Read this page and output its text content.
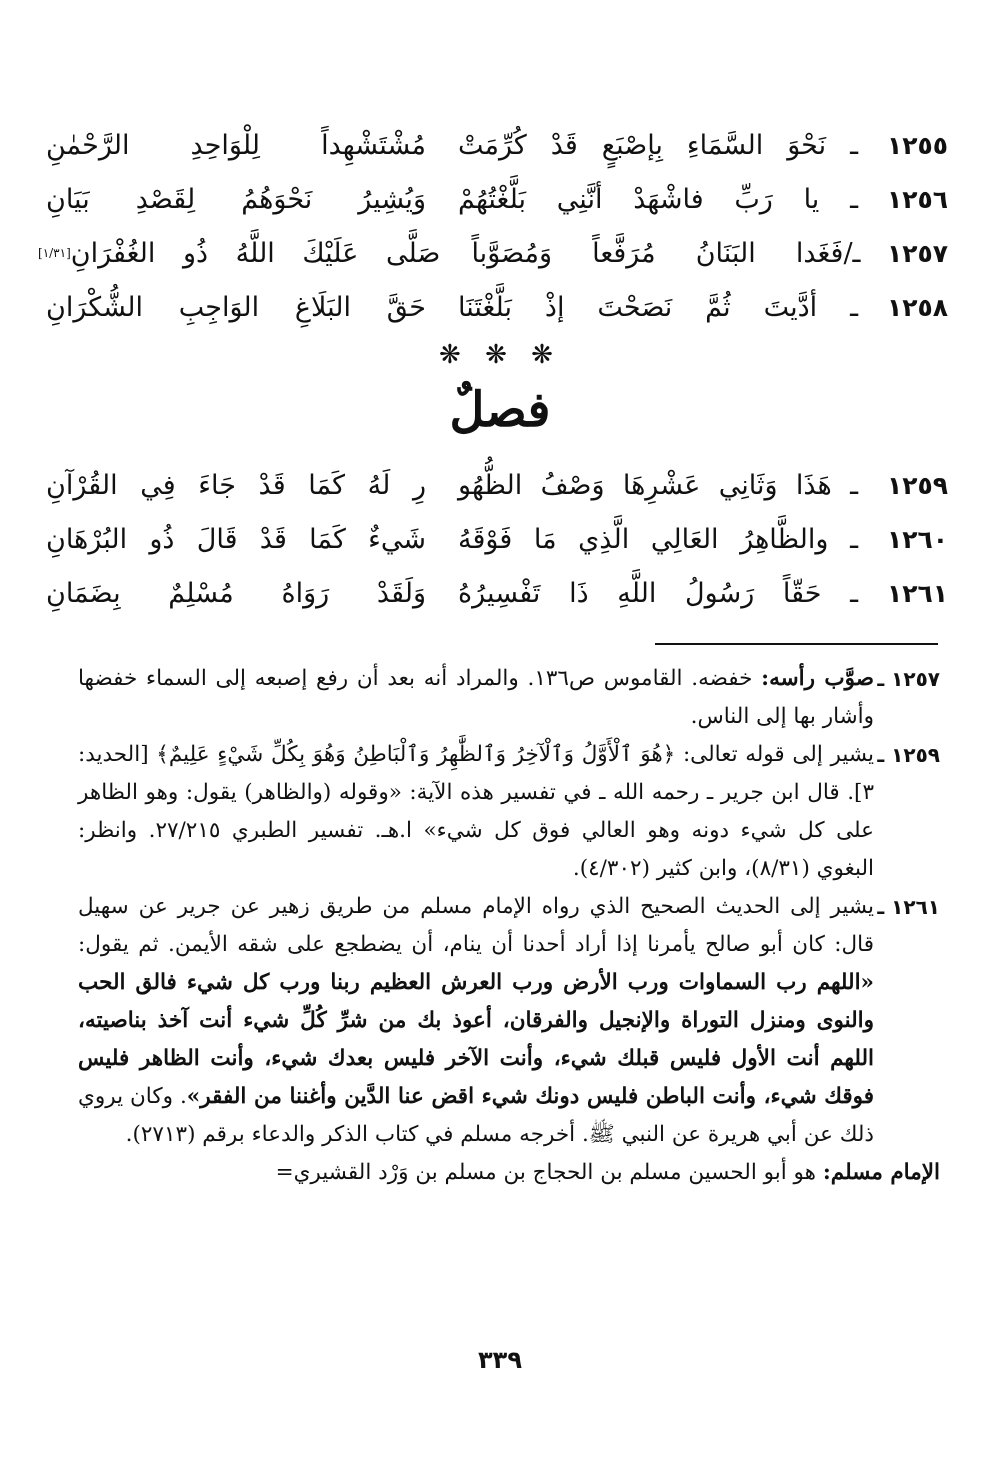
١٢٥٥
ـ نَحْوَ السَّمَاءِ بِإصْبَعٍ قَدْ كُرِّمَتْ
مُشْتَشْهِداً لِلْوَاحِدِ الرَّحْمٰنِ
١٢٥٦
ـ يا رَبِّ فاشْهَدْ أنَّنِي بَلَّغْتُهُمْ
وَيُشِيرُ نَحْوَهُمُ لِقَصْدِ بَيَانِ
١٢٥٧
ـ/فَغَدا البَنَانُ مُرَفَّعاً وَمُصَوَّباً
صَلَّى عَلَيْكَ اللَّهُ ذُو الغُفْرَانِ
[١/٣١]
١٢٥٨
ـ أدَّيتَ ثُمَّ نَصَحْتَ إذْ بَلَّغْتَنَا
حَقَّ البَلَاغِ الوَاجِبِ الشُّكْرَانِ
❋ ❋ ❋
فصلٌ
١٢٥٩
ـ هَذَا وَثَانِي عَشْرِهَا وَصْفُ الظُّهُو
رِ لَهُ كَمَا قَدْ جَاءَ فِي القُرْآنِ
١٢٦٠
ـ والظَّاهِرُ العَالِي الَّذِي مَا فَوْقَهُ
شَيءٌ كَمَا قَدْ قَالَ ذُو البُرْهَانِ
١٢٦١
ـ حَقّاً رَسُولُ اللَّهِ ذَا تَفْسِيرُهُ
وَلَقَدْ رَوَاهُ مُسْلِمٌ بِضَمَانِ
١٢٥٧ ـ
صوَّب رأسه: خفضه. القاموس ص١٣٦. والمراد أنه بعد أن رفع إصبعه إلى السماء خفضها وأشار بها إلى الناس.
١٢٥٩ ـ
يشير إلى قوله تعالى: ﴿هُوَ ٱلْأَوَّلُ وَٱلْآخِرُ وَٱلظَّٰهِرُ وَٱلْبَاطِنُ وَهُوَ بِكُلِّ شَيْءٍ عَلِيمٌ﴾ [الحديد: ٣]. قال ابن جرير ـ رحمه الله ـ في تفسير هذه الآية: «وقوله (والظاهر) يقول: وهو الظاهر على كل شيء دونه وهو العالي فوق كل شيء» ا.هـ. تفسير الطبري ٢٧/٢١٥. وانظر: البغوي (٨/٣١)، وابن كثير (٤/٣٠٢).
١٢٦١ ـ
يشير إلى الحديث الصحيح الذي رواه الإمام مسلم من طريق زهير عن جرير عن سهيل قال: كان أبو صالح يأمرنا إذا أراد أحدنا أن ينام، أن يضطجع على شقه الأيمن. ثم يقول: «اللهم رب السماوات ورب الأرض ورب العرش العظيم ربنا ورب كل شيء فالق الحب والنوى ومنزل التوراة والإنجيل والفرقان، أعوذ بك من شرِّ كُلِّ شيء أنت آخذ بناصيته، اللهم أنت الأول فليس قبلك شيء، وأنت الآخر فليس بعدك شيء، وأنت الظاهر فليس فوقك شيء، وأنت الباطن فليس دونك شيء اقض عنا الدَّين وأغننا من الفقر». وكان يروي ذلك عن أبي هريرة عن النبي ﷺ. أخرجه مسلم في كتاب الذكر والدعاء برقم (٢٧١٣).
الإمام مسلم: هو أبو الحسين مسلم بن الحجاج بن مسلم بن وَرْد القشيري=
٣٣٩
